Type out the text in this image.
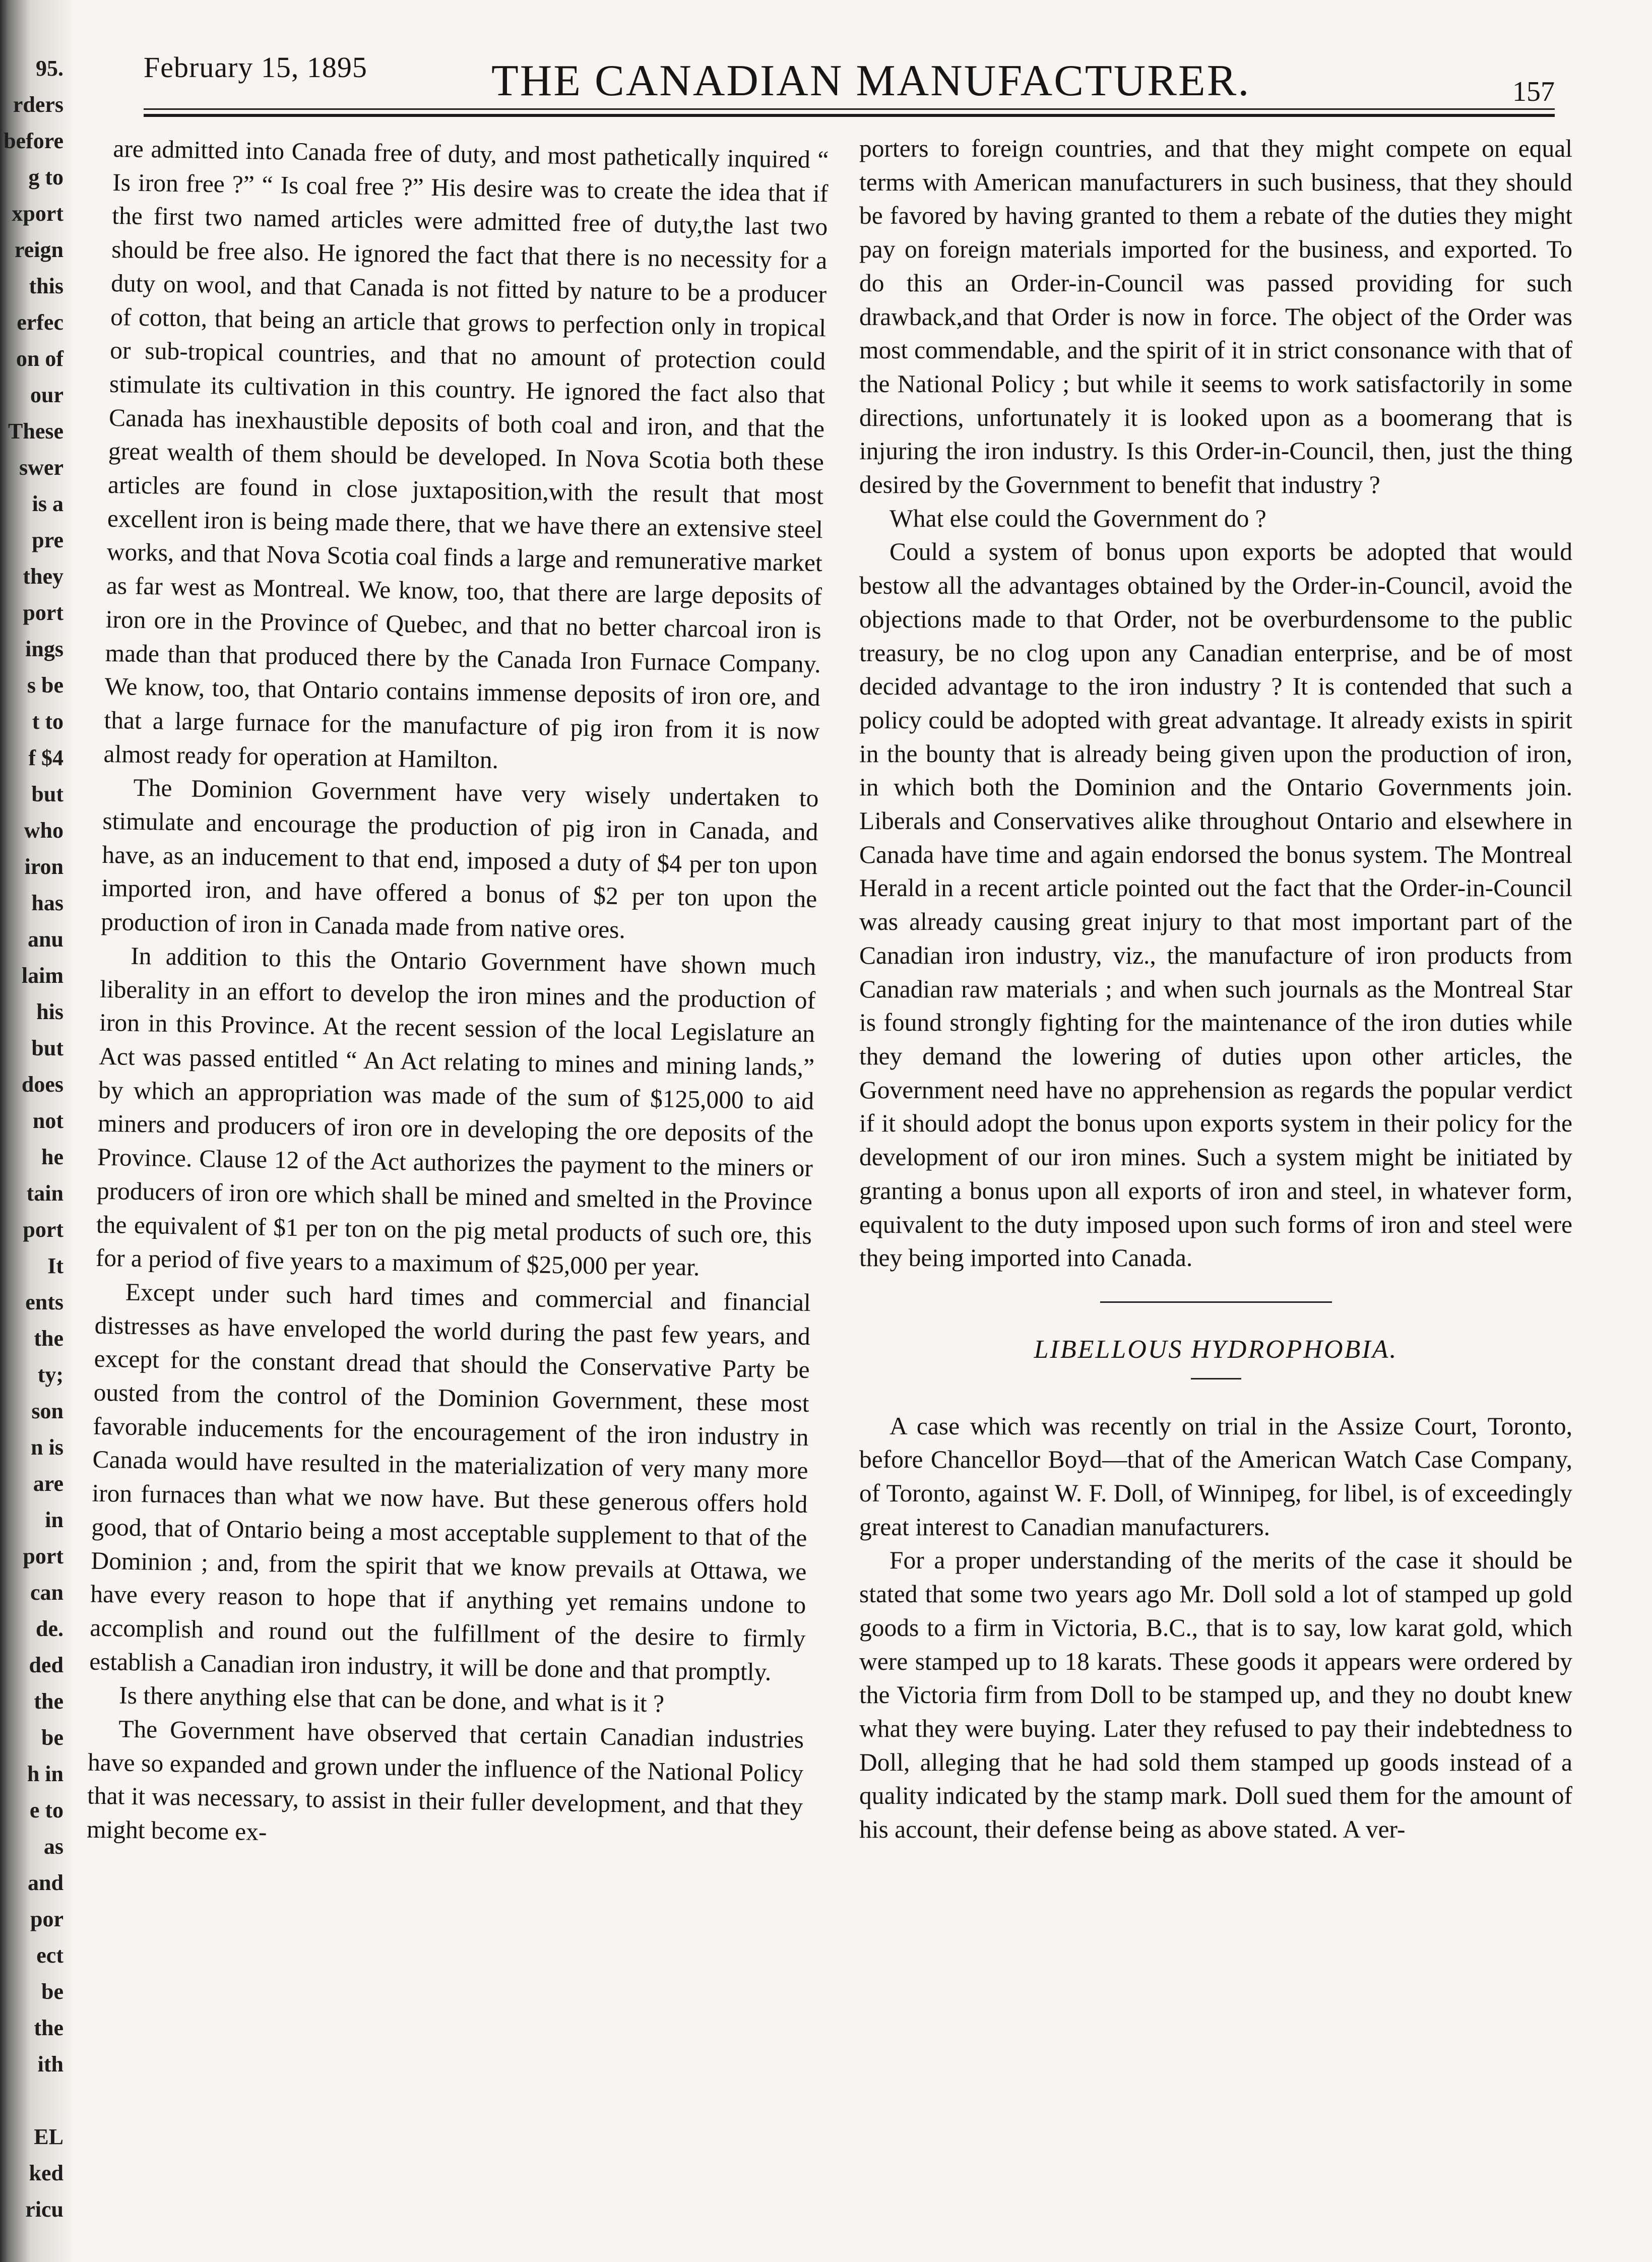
95.
rders
before
g to
xport
reign
this
erfec
on of
our
These
swer
is a
pre
they
port
ings
s be
t to
f $4
but
who
iron
has
anu
laim
his
but
does
not
he
tain
port
It
ents
the
ty;
son
n is
are
in
port
can
de.
ded
the
be
h in
e to
as
and
por
ect
be
the
ith

EL
ked
ricu
February 15, 1895	THE CANADIAN MANUFACTURER.	157

are admitted into Canada free of duty, and most pathetically inquired “ Is iron free ?” “ Is coal free ?” His desire was to create the idea that if the first two named articles were admitted free of duty,the last two should be free also. He ignored the fact that there is no necessity for a duty on wool, and that Canada is not fitted by nature to be a producer of cotton, that being an article that grows to perfection only in tropical or sub-tropical countries, and that no amount of protection could stimulate its cultivation in this country. He ignored the fact also that Canada has inexhaustible deposits of both coal and iron, and that the great wealth of them should be developed. In Nova Scotia both these articles are found in close juxtaposition,with the result that most excellent iron is being made there, that we have there an extensive steel works, and that Nova Scotia coal finds a large and remunerative market as far west as Montreal. We know, too, that there are large deposits of iron ore in the Province of Quebec, and that no better charcoal iron is made than that produced there by the Canada Iron Furnace Company. We know, too, that Ontario contains immense deposits of iron ore, and that a large furnace for the manufacture of pig iron from it is now almost ready for operation at Hamilton.

The Dominion Government have very wisely undertaken to stimulate and encourage the production of pig iron in Canada, and have, as an inducement to that end, imposed a duty of $4 per ton upon imported iron, and have offered a bonus of $2 per ton upon the production of iron in Canada made from native ores.

In addition to this the Ontario Government have shown much liberality in an effort to develop the iron mines and the production of iron in this Province. At the recent session of the local Legislature an Act was passed entitled “ An Act relating to mines and mining lands,” by which an appropriation was made of the sum of $125,000 to aid miners and producers of iron ore in developing the ore deposits of the Province. Clause 12 of the Act authorizes the payment to the miners or producers of iron ore which shall be mined and smelted in the Province the equivalent of $1 per ton on the pig metal products of such ore, this for a period of five years to a maximum of $25,000 per year.

Except under such hard times and commercial and financial distresses as have enveloped the world during the past few years, and except for the constant dread that should the Conservative Party be ousted from the control of the Dominion Government, these most favorable inducements for the encouragement of the iron industry in Canada would have resulted in the materialization of very many more iron furnaces than what we now have. But these generous offers hold good, that of Ontario being a most acceptable supplement to that of the Dominion ; and, from the spirit that we know prevails at Ottawa, we have every reason to hope that if anything yet remains undone to accomplish and round out the fulfillment of the desire to firmly establish a Canadian iron industry, it will be done and that promptly.

Is there anything else that can be done, and what is it ?

The Government have observed that certain Canadian industries have so expanded and grown under the influence of the National Policy that it was necessary, to assist in their fuller development, and that they might become ex-

porters to foreign countries, and that they might compete on equal terms with American manufacturers in such business, that they should be favored by having granted to them a rebate of the duties they might pay on foreign materials imported for the business, and exported. To do this an Order-in-Council was passed providing for such drawback,and that Order is now in force. The object of the Order was most commendable, and the spirit of it in strict consonance with that of the National Policy ; but while it seems to work satisfactorily in some directions, unfortunately it is looked upon as a boomerang that is injuring the iron industry. Is this Order-in-Council, then, just the thing desired by the Government to benefit that industry ?

What else could the Government do ?

Could a system of bonus upon exports be adopted that would bestow all the advantages obtained by the Order-in-Council, avoid the objections made to that Order, not be overburdensome to the public treasury, be no clog upon any Canadian enterprise, and be of most decided advantage to the iron industry ? It is contended that such a policy could be adopted with great advantage. It already exists in spirit in the bounty that is already being given upon the production of iron, in which both the Dominion and the Ontario Governments join. Liberals and Conservatives alike throughout Ontario and elsewhere in Canada have time and again endorsed the bonus system. The Montreal Herald in a recent article pointed out the fact that the Order-in-Council was already causing great injury to that most important part of the Canadian iron industry, viz., the manufacture of iron products from Canadian raw materials ; and when such journals as the Montreal Star is found strongly fighting for the maintenance of the iron duties while they demand the lowering of duties upon other articles, the Government need have no apprehension as regards the popular verdict if it should adopt the bonus upon exports system in their policy for the development of our iron mines. Such a system might be initiated by granting a bonus upon all exports of iron and steel, in whatever form, equivalent to the duty imposed upon such forms of iron and steel were they being imported into Canada.

LIBELLOUS HYDROPHOBIA.

A case which was recently on trial in the Assize Court, Toronto, before Chancellor Boyd—that of the American Watch Case Company, of Toronto, against W. F. Doll, of Winnipeg, for libel, is of exceedingly great interest to Canadian manufacturers.

For a proper understanding of the merits of the case it should be stated that some two years ago Mr. Doll sold a lot of stamped up gold goods to a firm in Victoria, B.C., that is to say, low karat gold, which were stamped up to 18 karats. These goods it appears were ordered by the Victoria firm from Doll to be stamped up, and they no doubt knew what they were buying. Later they refused to pay their indebtedness to Doll, alleging that he had sold them stamped up goods instead of a quality indicated by the stamp mark. Doll sued them for the amount of his account, their defense being as above stated. A ver-
